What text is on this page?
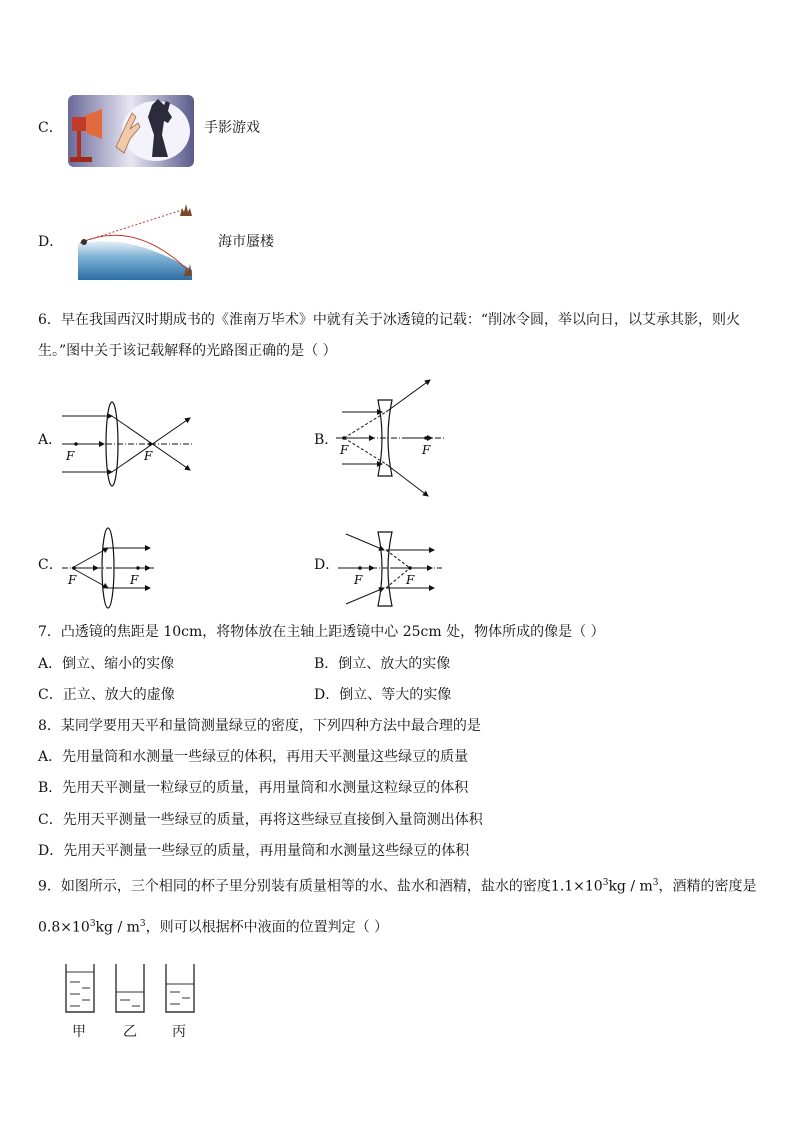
C．	手影游戏
D．	海市蜃楼
6．早在我国西汉时期成书的《淮南万毕术》中就有关于冰透镜的记载：“削冰令圆，举以向日，以艾承其影，则火
生。”图中关于该记载解释的光路图正确的是（ ）
A．
F	F
B．
F	F
C．
F	F
D．
F	F
7．凸透镜的焦距是 10cm，将物体放在主轴上距透镜中心 25cm 处，物体所成的像是（ ）
A．倒立、缩小的实像	B．倒立、放大的实像
C．正立、放大的虚像	D．倒立、等大的实像
8．某同学要用天平和量筒测量绿豆的密度，下列四种方法中最合理的是
A．先用量筒和水测量一些绿豆的体积，再用天平测量这些绿豆的质量
B．先用天平测量一粒绿豆的质量，再用量筒和水测量这粒绿豆的体积
C．先用天平测量一些绿豆的质量，再将这些绿豆直接倒入量筒测出体积
D．先用天平测量一些绿豆的质量，再用量筒和水测量这些绿豆的体积
9．如图所示，三个相同的杯子里分别装有质量相等的水、盐水和酒精，盐水的密度$1.1\times 10^3kg / m^3$，酒精的密度是
$0.8\times 10^3kg / m^3$，则可以根据杯中液面的位置判定（ ）
甲	乙	丙
